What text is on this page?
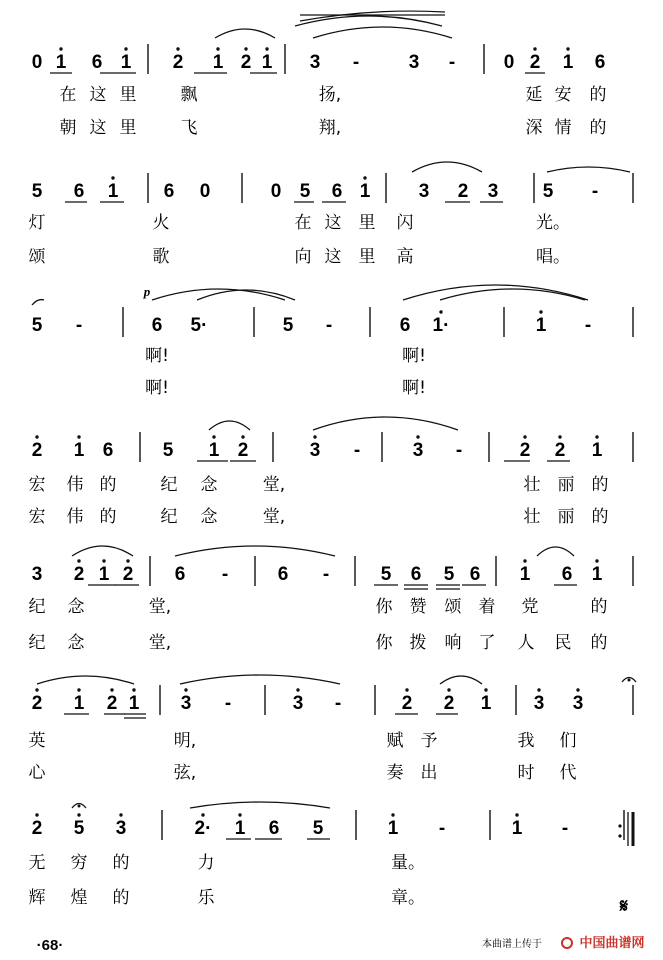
0 1 6 1 2 1 2 1 3 -	3 -	0 2 1 6
在 这 里	飘	扬,	延 安 的
朝 这 里	飞	翔,	深 情 的
5 6 1 6 0	0 5 6 1	3 2 3 5 -
灯	火	在 这 里 闪	光。
颂	歌	向 这 里 高	唱。
5 -	6 5·	5 -	6 1·	1 -
啊!	啊!
啊!	啊!
2 1 6	5 1 2	3 -	3 -	2 2 1
宏 伟 的	纪 念	堂,	壮 丽 的
宏 伟 的	纪 念	堂,	壮 丽 的
3 2 1 2 6 -	6 -	5 6 5 6 1 6 1
纪 念	堂,	你 赞 颂 着 党	的
纪 念	堂,	你 拨 响 了 人 民 的
2 1 2 1 3 -	3 -	2 2 1 3 3
英	明,	赋 予	我 们
心	弦,	奏 出	时 代
2 5 3	2· 1 6 5	1 -	1 -
无 穷 的	力	量。
辉 煌 的	乐	章。
p
𝄋
·68·	本曲谱上传于	中国曲谱网
